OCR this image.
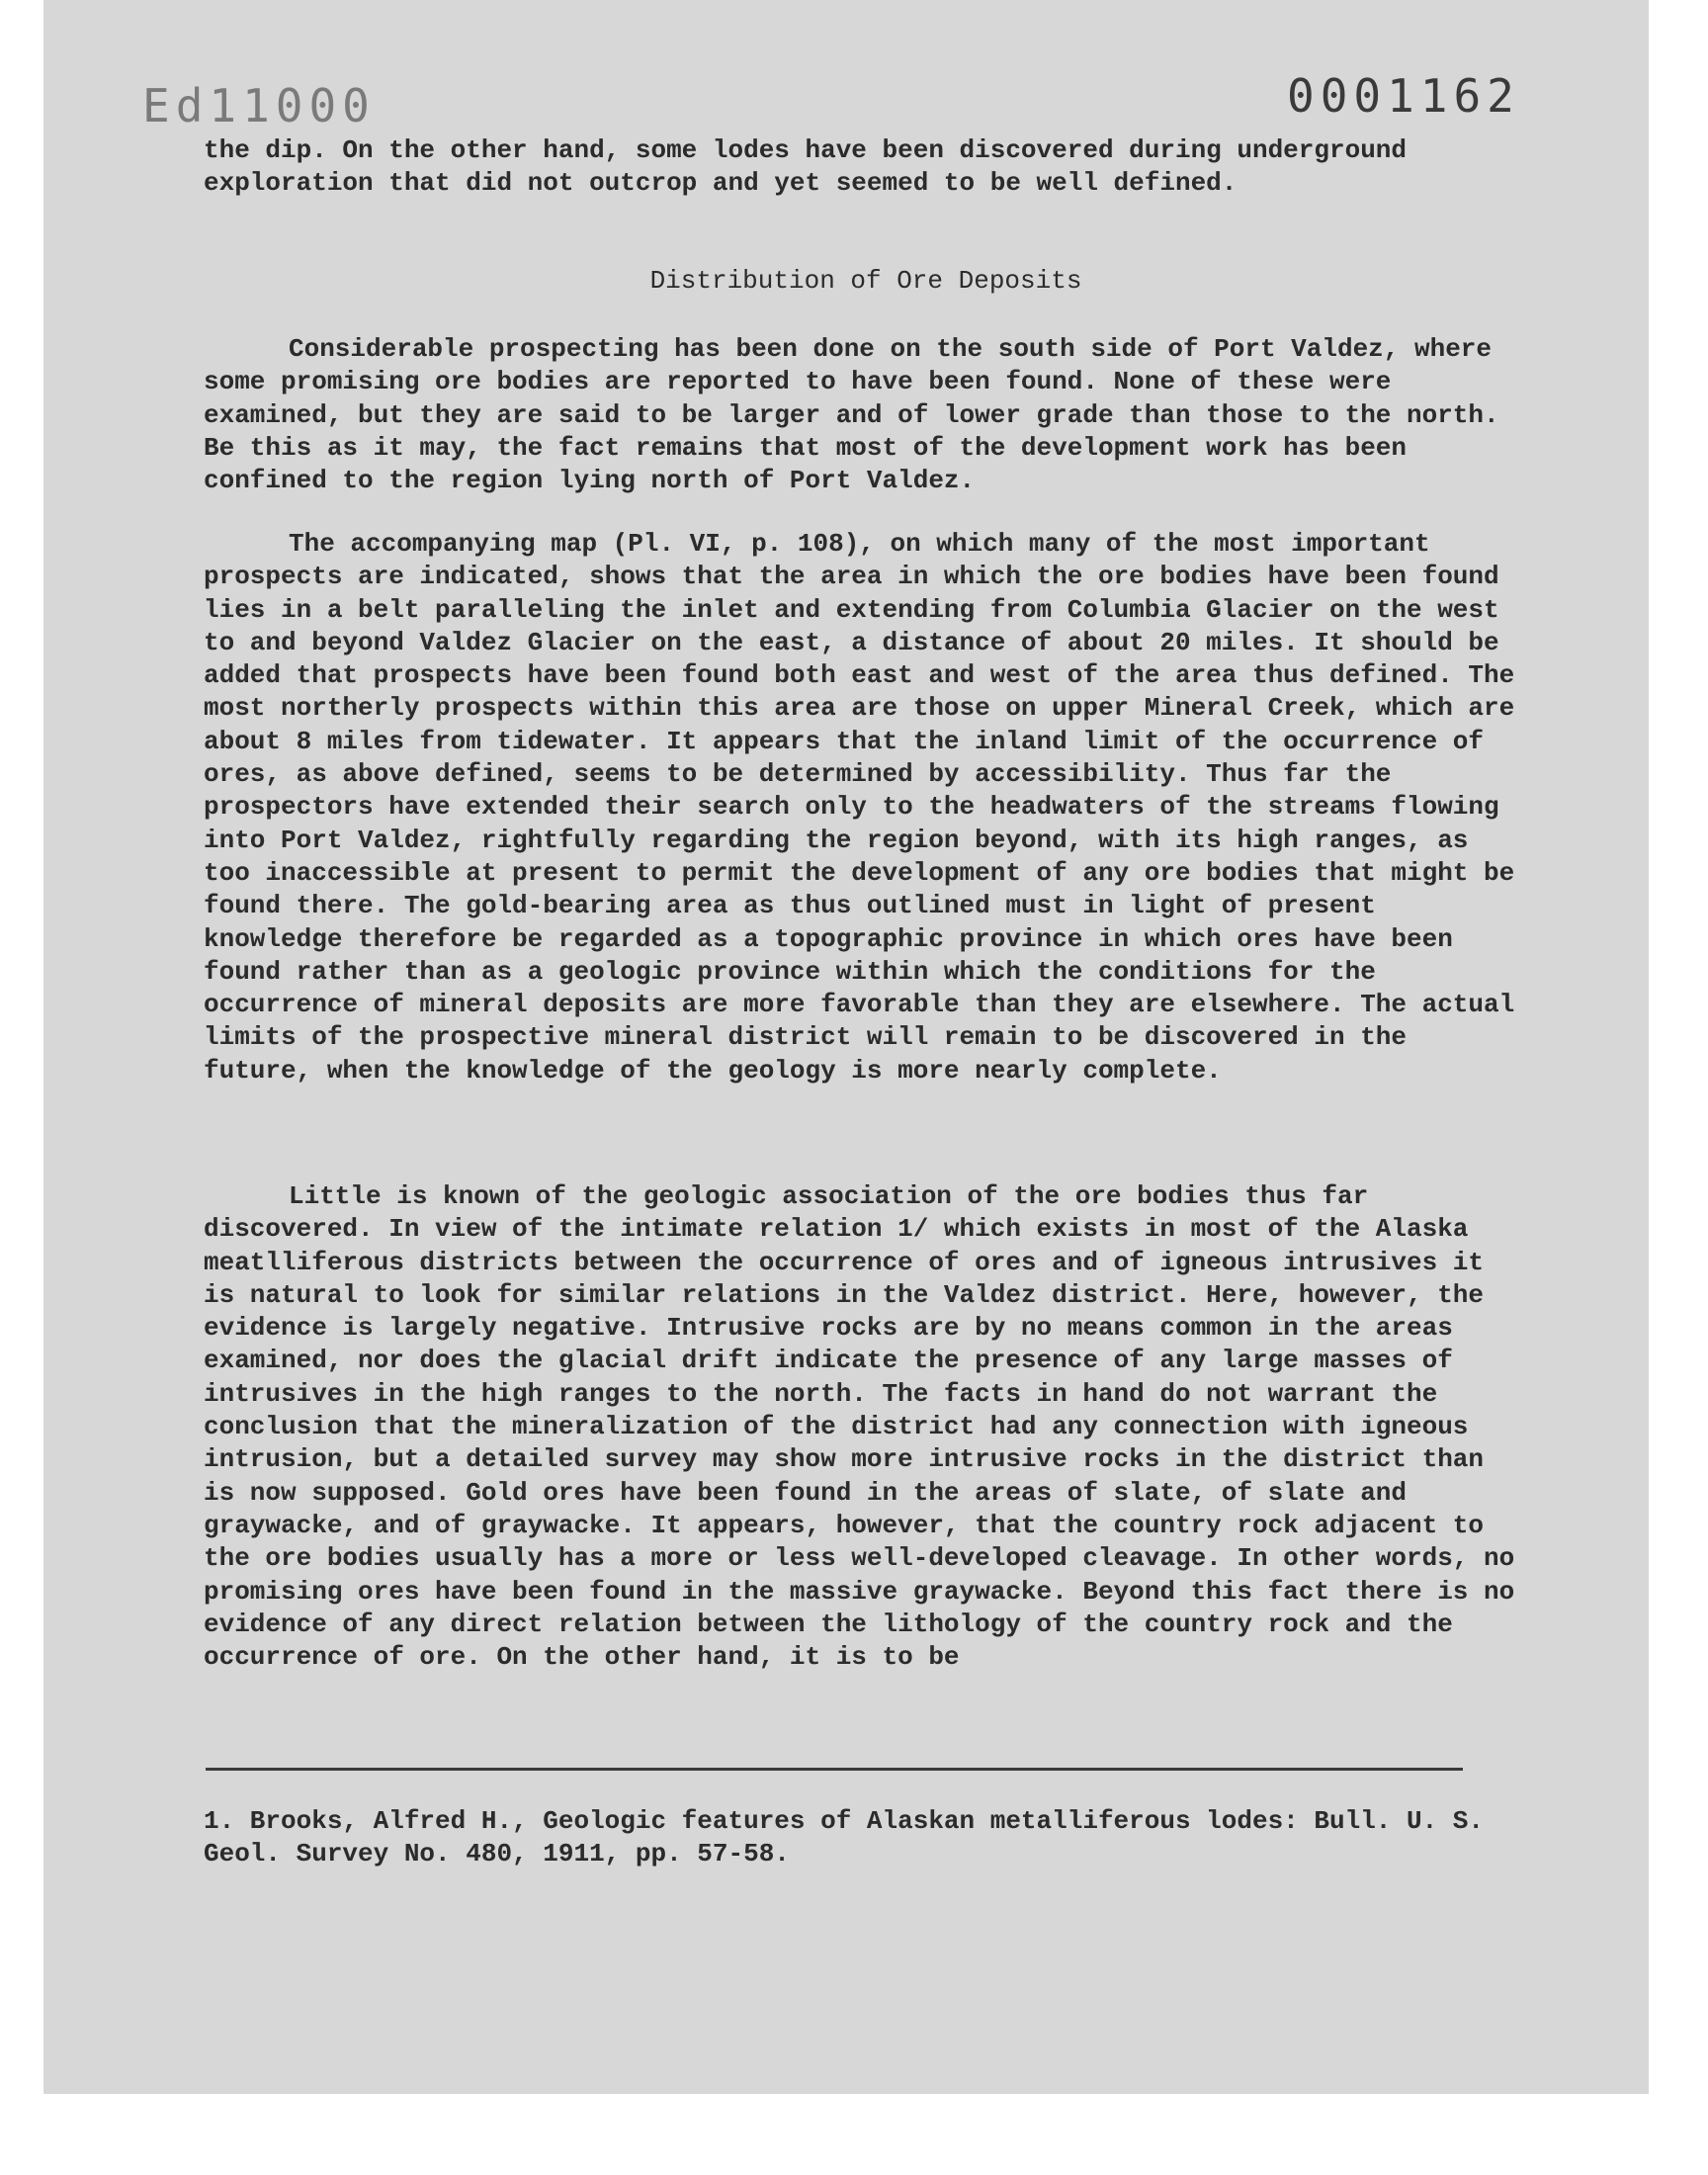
Ed11000	0001162

the dip. On the other hand, some lodes have been discovered during underground exploration that did not outcrop and yet seemed to be well defined.

Distribution of Ore Deposits

Considerable prospecting has been done on the south side of Port Valdez, where some promising ore bodies are reported to have been found. None of these were examined, but they are said to be larger and of lower grade than those to the north. Be this as it may, the fact remains that most of the development work has been confined to the region lying north of Port Valdez.

The accompanying map (Pl. VI, p. 108), on which many of the most important prospects are indicated, shows that the area in which the ore bodies have been found lies in a belt paralleling the inlet and extending from Columbia Glacier on the west to and beyond Valdez Glacier on the east, a distance of about 20 miles. It should be added that prospects have been found both east and west of the area thus defined. The most northerly prospects within this area are those on upper Mineral Creek, which are about 8 miles from tidewater. It appears that the inland limit of the occurrence of ores, as above defined, seems to be determined by accessibility. Thus far the prospectors have extended their search only to the headwaters of the streams flowing into Port Valdez, rightfully regarding the region beyond, with its high ranges, as too inaccessible at present to permit the development of any ore bodies that might be found there. The gold-bearing area as thus outlined must in light of present knowledge therefore be regarded as a topographic province in which ores have been found rather than as a geologic province within which the conditions for the occurrence of mineral deposits are more favorable than they are elsewhere. The actual limits of the prospective mineral district will remain to be discovered in the future, when the knowledge of the geology is more nearly complete.

Little is known of the geologic association of the ore bodies thus far discovered. In view of the intimate relation 1/ which exists in most of the Alaska meatlliferous districts between the occurrence of ores and of igneous intrusives it is natural to look for similar relations in the Valdez district. Here, however, the evidence is largely negative. Intrusive rocks are by no means common in the areas examined, nor does the glacial drift indicate the presence of any large masses of intrusives in the high ranges to the north. The facts in hand do not warrant the conclusion that the mineralization of the district had any connection with igneous intrusion, but a detailed survey may show more intrusive rocks in the district than is now supposed. Gold ores have been found in the areas of slate, of slate and graywacke, and of graywacke. It appears, however, that the country rock adjacent to the ore bodies usually has a more or less well-developed cleavage. In other words, no promising ores have been found in the massive graywacke. Beyond this fact there is no evidence of any direct relation between the lithology of the country rock and the occurrence of ore. On the other hand, it is to be

1. Brooks, Alfred H., Geologic features of Alaskan metalliferous lodes: Bull. U. S. Geol. Survey No. 480, 1911, pp. 57-58.
